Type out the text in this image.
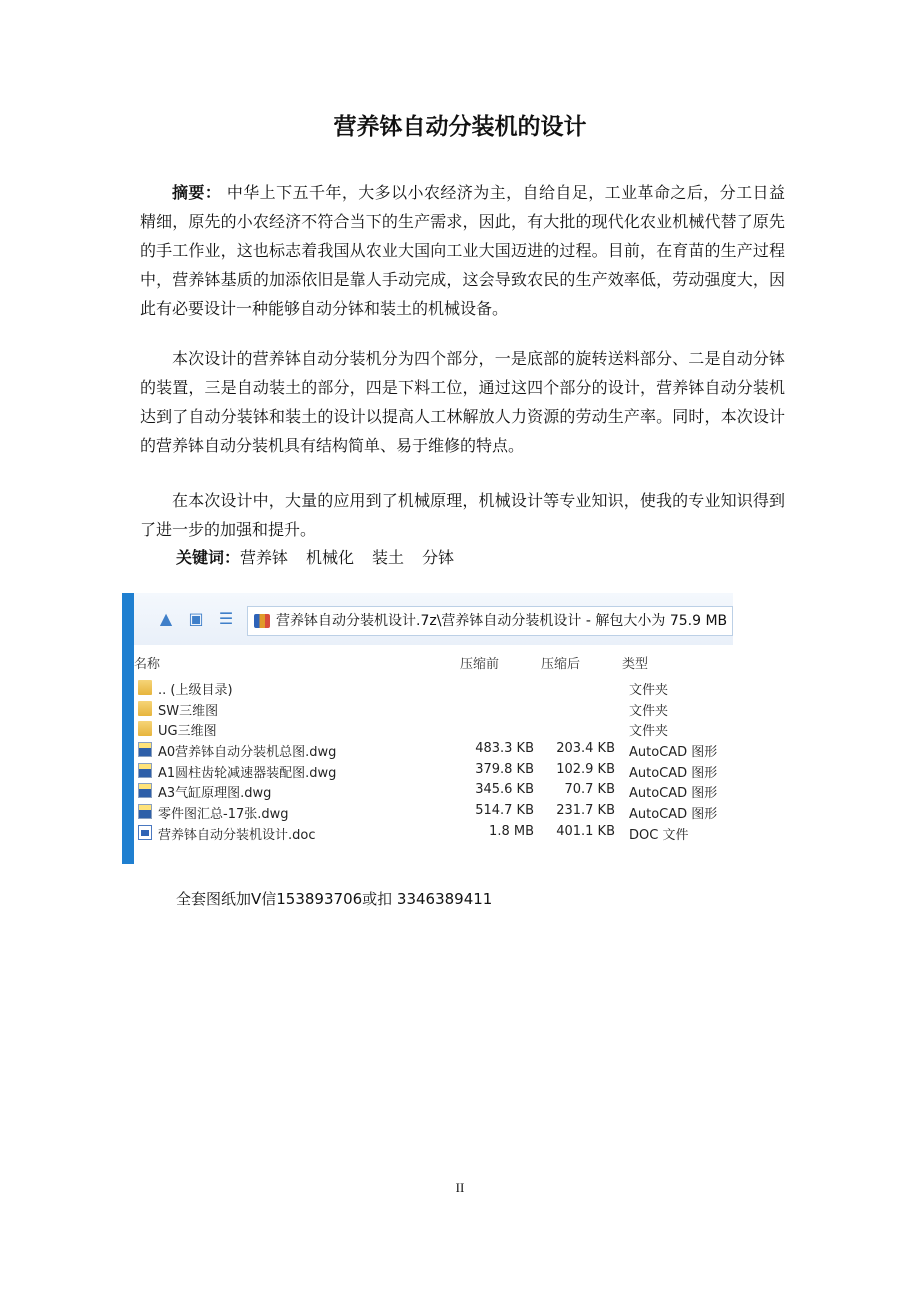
营养钵自动分装机的设计

摘要： 中华上下五千年，大多以小农经济为主，自给自足，工业革命之后，分工日益精细，原先的小农经济不符合当下的生产需求，因此，有大批的现代化农业机械代替了原先的手工作业，这也标志着我国从农业大国向工业大国迈进的过程。目前，在育苗的生产过程中，营养钵基质的加添依旧是靠人手动完成，这会导致农民的生产效率低，劳动强度大，因此有必要设计一种能够自动分钵和装土的机械设备。

本次设计的营养钵自动分装机分为四个部分，一是底部的旋转送料部分、二是自动分钵的装置，三是自动装土的部分，四是下料工位，通过这四个部分的设计，营养钵自动分装机达到了自动分装钵和装土的设计以提高人工林解放人力资源的劳动生产率。同时，本次设计的营养钵自动分装机具有结构简单、易于维修的特点。

在本次设计中，大量的应用到了机械原理，机械设计等专业知识，使我的专业知识得到了进一步的加强和提升。

关键词：营养钵 机械化 装土 分钵
▲ ▣ ☰	营养钵自动分装机设计.7z\营养钵自动分装机设计 - 解包大小为 75.9 MB
名称	压缩前	压缩后	类型
.. (上级目录)	文件夹
SW三维图	文件夹
UG三维图	文件夹
A0营养钵自动分装机总图.dwg	483.3 KB 203.4 KB AutoCAD 图形
A1圆柱齿轮减速器装配图.dwg	379.8 KB 102.9 KB AutoCAD 图形
A3气缸原理图.dwg	345.6 KB 70.7 KB AutoCAD 图形
零件图汇总-17张.dwg	514.7 KB 231.7 KB AutoCAD 图形
营养钵自动分装机设计.doc	1.8 MB 401.1 KB DOC 文件
全套图纸加V信153893706或扣 3346389411
II
